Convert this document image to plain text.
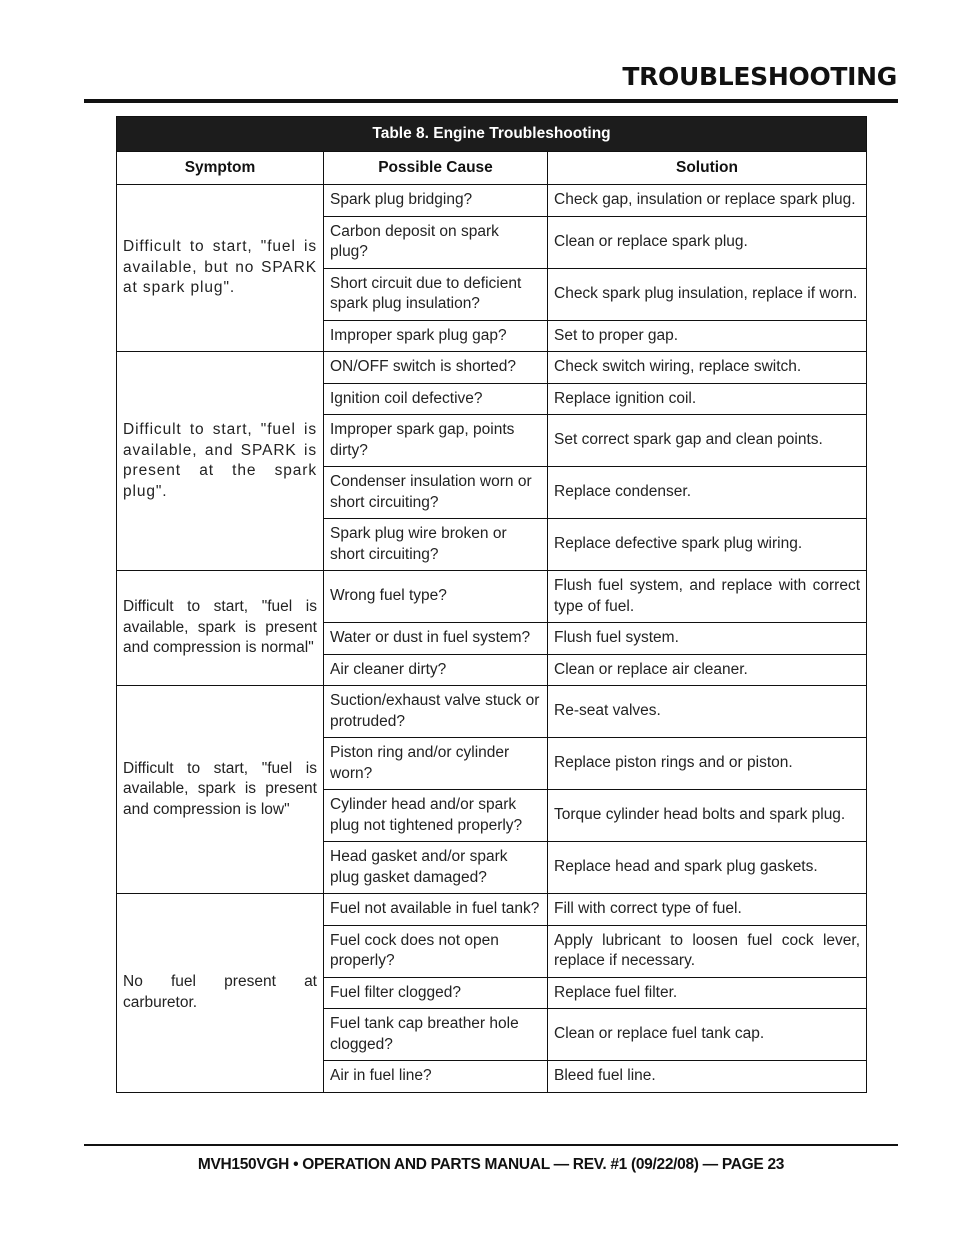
TROUBLESHOOTING
Table 8. Engine Troubleshooting		
Symptom	Possible Cause	Solution
Difficult to start, "fuel is available, but no SPARK at spark plug".	Spark plug bridging?	Check gap, insulation or replace spark plug.
	Carbon deposit on spark plug?	Clean or replace spark plug.
	Short circuit due to deficient spark plug insulation?	Check spark plug insulation, replace if worn.
	Improper spark plug gap?	Set to proper gap.
Difficult to start, "fuel is available, and SPARK is present at the spark plug".	ON/OFF switch is shorted?	Check switch wiring, replace switch.
	Ignition coil defective?	Replace ignition coil.
	Improper spark gap, points dirty?	Set correct spark gap and clean points.
	Condenser insulation worn or short circuiting?	Replace condenser.
	Spark plug wire broken or short circuiting?	Replace defective spark plug wiring.
Difficult to start, "fuel is available, spark is present and compression is normal"	Wrong fuel type?	Flush fuel system, and replace with correct type of fuel.
	Water or dust in fuel system?	Flush fuel system.
	Air cleaner dirty?	Clean or replace air cleaner.
Difficult to start, "fuel is available, spark is present and compression is low"	Suction/exhaust valve stuck or protruded?	Re-seat valves.
	Piston ring and/or cylinder worn?	Replace piston rings and or piston.
	Cylinder head and/or spark plug not tightened properly?	Torque cylinder head bolts and spark plug.
	Head gasket and/or spark plug gasket damaged?	Replace head and spark plug gaskets.
No fuel present at carburetor.	Fuel not available in fuel tank?	Fill with correct type of fuel.
	Fuel cock does not open properly?	Apply lubricant to loosen fuel cock lever, replace if necessary.
	Fuel filter clogged?	Replace fuel filter.
	Fuel tank cap breather hole clogged?	Clean or replace fuel tank cap.
	Air in fuel line?	Bleed fuel line.
MVH150VGH • OPERATION AND PARTS MANUAL — REV. #1 (09/22/08) — PAGE 23
